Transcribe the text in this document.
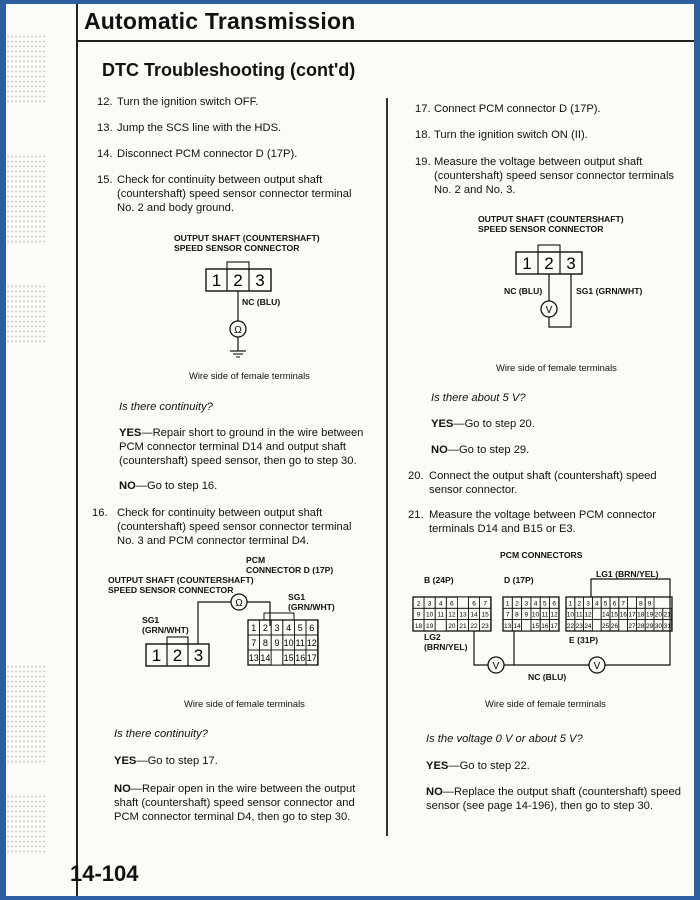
Automatic Transmission
DTC Troubleshooting (cont'd)
12. Turn the ignition switch OFF.
13. Jump the SCS line with the HDS.
14. Disconnect PCM connector D (17P).
15. Check for continuity between output shaft
(countershaft) speed sensor connector terminal
No. 2 and body ground.
OUTPUT SHAFT (COUNTERSHAFT)
SPEED SENSOR CONNECTOR
1 2 3
Ω
NC (BLU)
Wire side of female terminals
Is there continuity?
YES—Repair short to ground in the wire between
PCM connector terminal D14 and output shaft
(countershaft) speed sensor, then go to step 30.
NO—Go to step 16.
16. Check for continuity between output shaft
(countershaft) speed sensor connector terminal
No. 3 and PCM connector terminal D4.
PCM
CONNECTOR D (17P)
OUTPUT SHAFT (COUNTERSHAFT)
SPEED SENSOR CONNECTOR
SG1
(GRN/WHT)
SG1
(GRN/WHT)
1 2 3
Ω
1 2 3 4 5 6
7 8 9 10 11 12
13 14 15 16 17
Wire side of female terminals
Is there continuity?
YES—Go to step 17.
NO—Repair open in the wire between the output
shaft (countershaft) speed sensor connector and
PCM connector terminal D4, then go to step 30.
17. Connect PCM connector D (17P).
18. Turn the ignition switch ON (II).
19. Measure the voltage between output shaft
(countershaft) speed sensor connector terminals
No. 2 and No. 3.
OUTPUT SHAFT (COUNTERSHAFT)
SPEED SENSOR CONNECTOR
1 2 3
V
NC (BLU)	SG1 (GRN/WHT)
Wire side of female terminals
Is there about 5 V?
YES—Go to step 20.
NO—Go to step 29.
20. Connect the output shaft (countershaft) speed
sensor connector.
21. Measure the voltage between PCM connector
terminals D14 and B15 or E3.
PCM CONNECTORS
B (24P)	D (17P)
LG1 (BRN/YEL)
LG2
(BRN/YEL)
E (31P)
NC (BLU)
2 3 4 6	6 7
9 10 11 12 13 14 15
18 19 20 21 22 23
1 2 3 4 5 6
7 8 9 10 11 12
13 14 15 16 17
1 2 3 4 5 6 7 8 9
10 11 12 14 15 16 17 18 19 20 21
22 23 24 25 26 27 28 29 30 31
V	V
Wire side of female terminals
Is the voltage 0 V or about 5 V?
YES—Go to step 22.
NO—Replace the output shaft (countershaft) speed
sensor (see page 14-196), then go to step 30.
14-104
